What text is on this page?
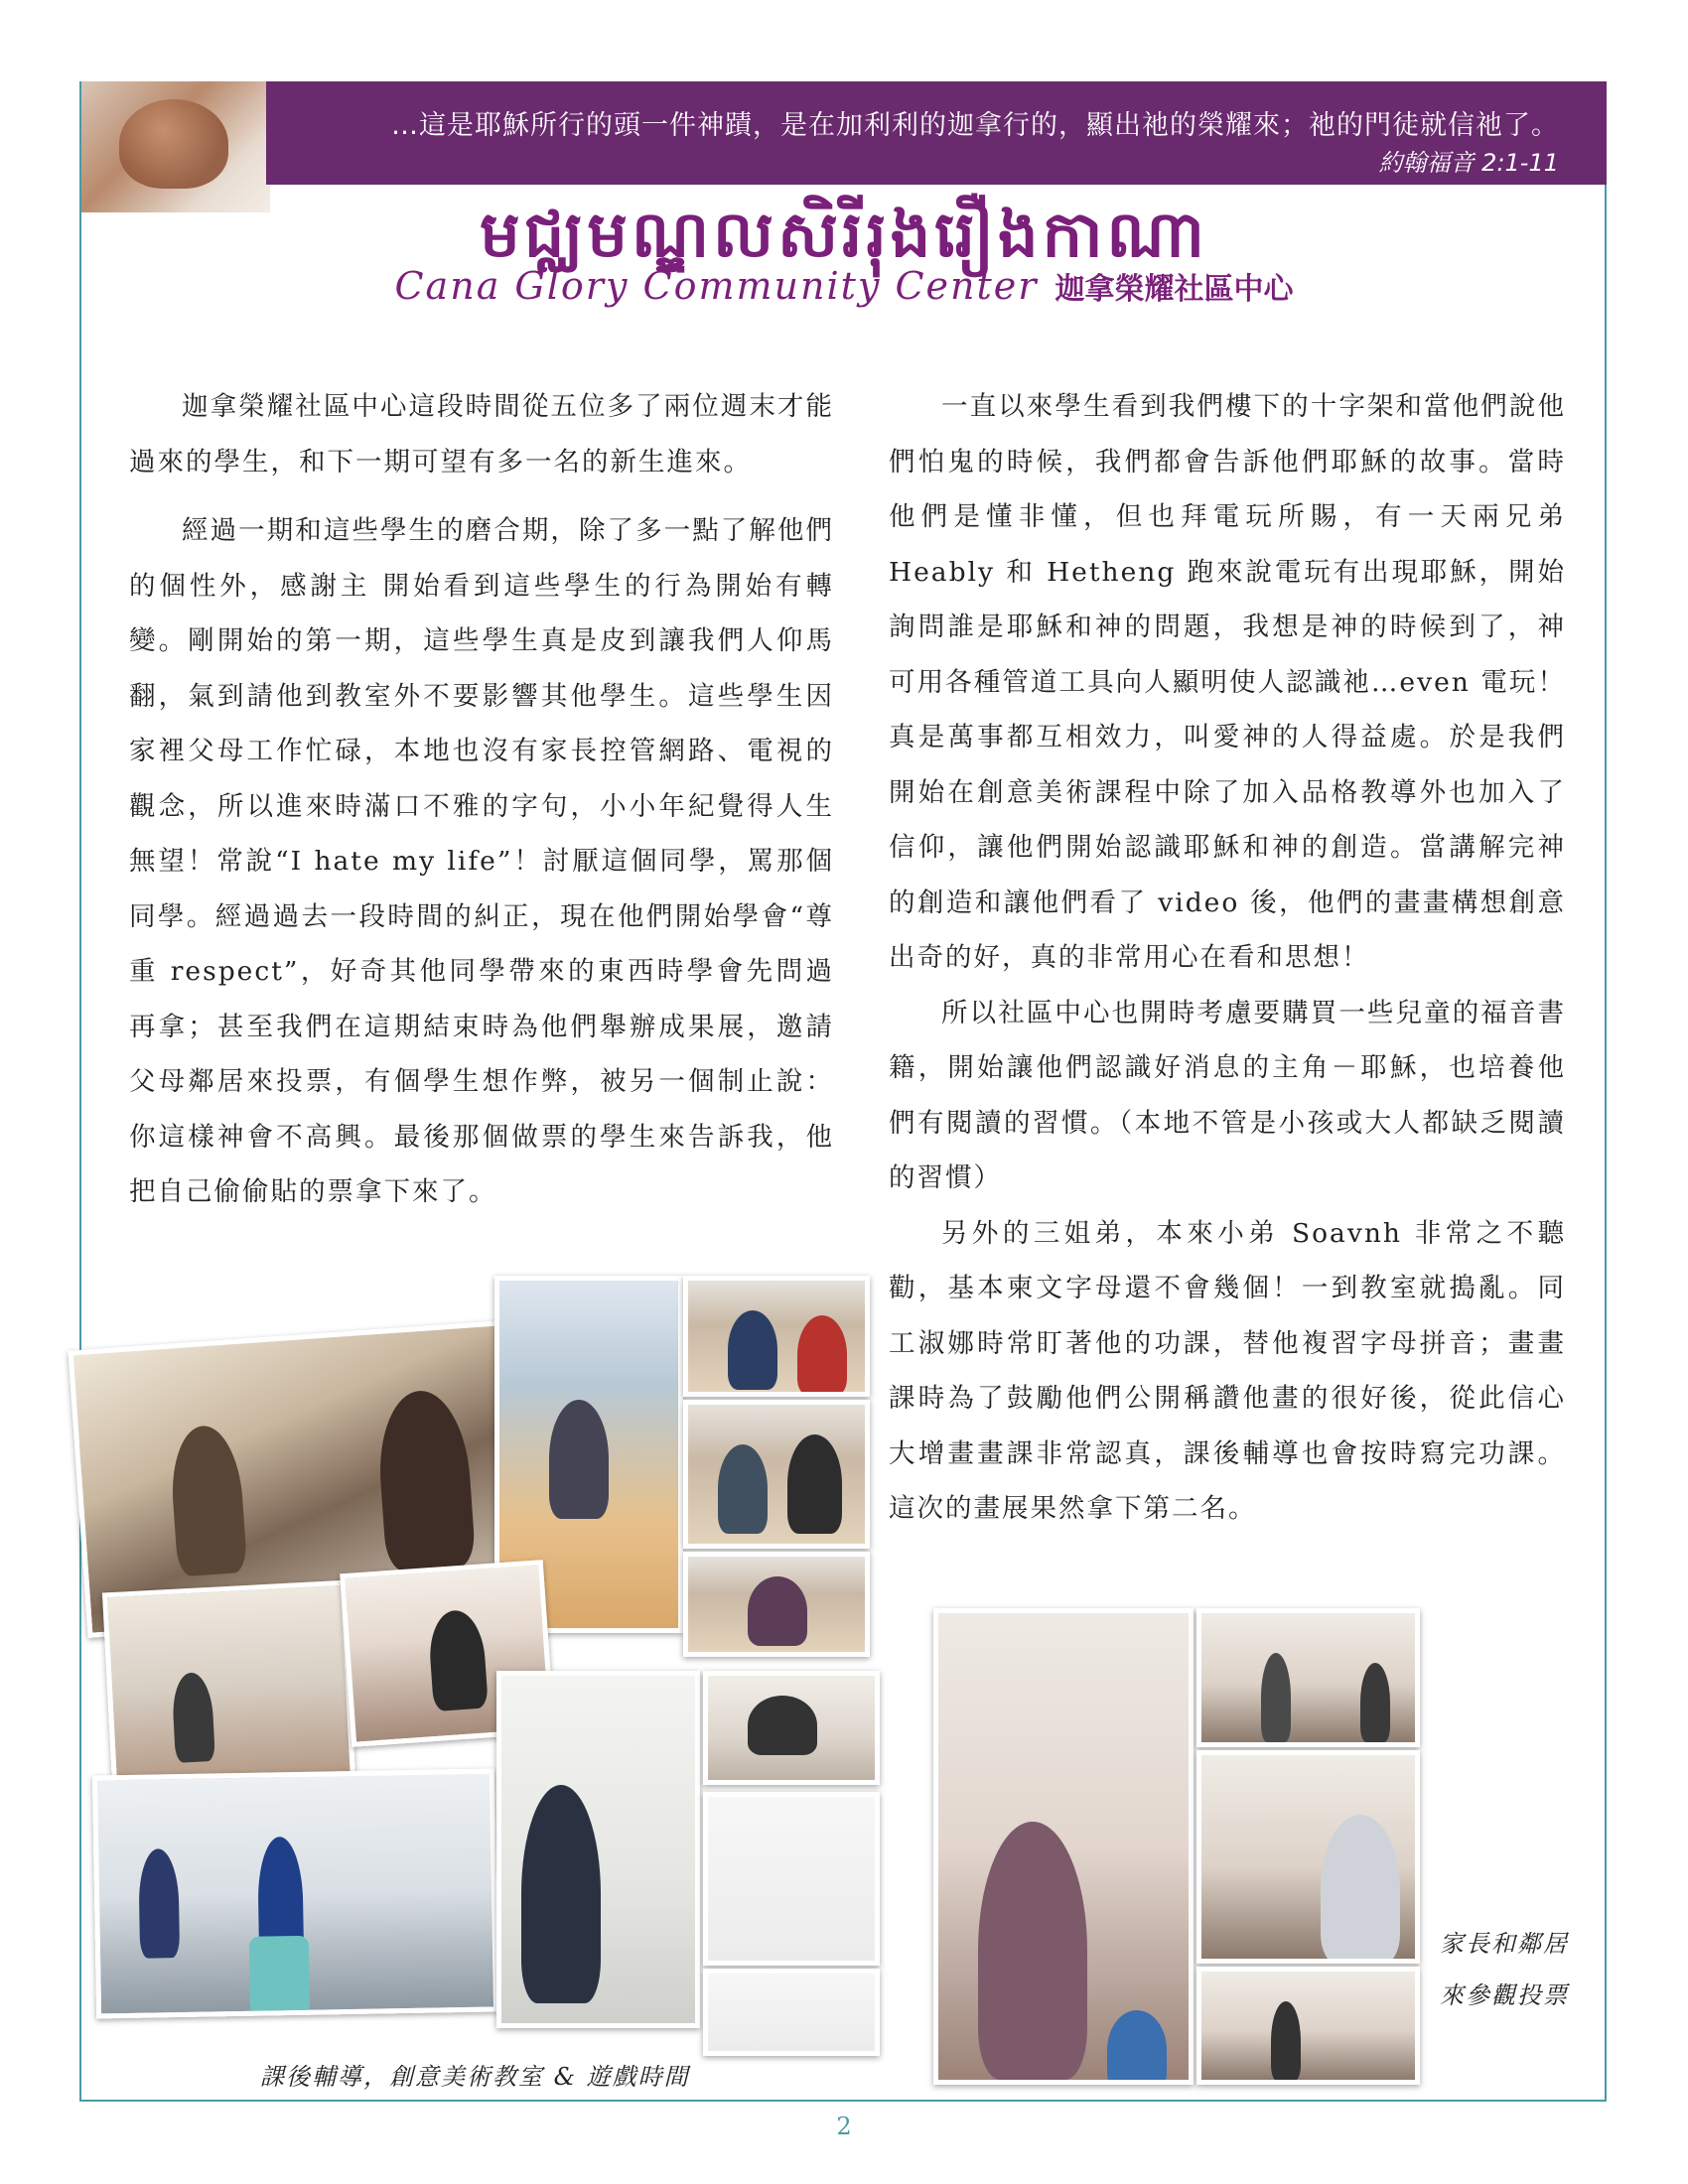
…這是耶穌所行的頭一件神蹟，是在加利利的迦拿行的，顯出祂的榮耀來；祂的門徒就信祂了。
約翰福音 2:1-11
មជ្ឈមណ្ឌលសិរីរុងរឿងកាណា
Cana Glory Community Center 迦拿榮耀社區中心

迦拿榮耀社區中心這段時間從五位多了兩位週末才能過來的學生，和下一期可望有多一名的新生進來。

經過一期和這些學生的磨合期，除了多一點了解他們的個性外，感謝主 開始看到這些學生的行為開始有轉變。剛開始的第一期，這些學生真是皮到讓我們人仰馬翻，氣到請他到教室外不要影響其他學生。這些學生因家裡父母工作忙碌，本地也沒有家長控管網路、電視的觀念，所以進來時滿口不雅的字句，小小年紀覺得人生無望！常說“I hate my life”！討厭這個同學，罵那個同學。經過過去一段時間的糾正，現在他們開始學會“尊重 respect”，好奇其他同學帶來的東西時學會先問過再拿；甚至我們在這期結束時為他們舉辦成果展，邀請父母鄰居來投票，有個學生想作弊，被另一個制止說：你這樣神會不高興。最後那個做票的學生來告訴我，他把自己偷偷貼的票拿下來了。

一直以來學生看到我們樓下的十字架和當他們說他們怕鬼的時候，我們都會告訴他們耶穌的故事。當時他們是懂非懂，但也拜電玩所賜，有一天兩兄弟 Heably 和 Hetheng 跑來說電玩有出現耶穌，開始詢問誰是耶穌和神的問題，我想是神的時候到了，神可用各種管道工具向人顯明使人認識祂…even 電玩！真是萬事都互相效力，叫愛神的人得益處。於是我們開始在創意美術課程中除了加入品格教導外也加入了信仰，讓他們開始認識耶穌和神的創造。當講解完神的創造和讓他們看了 video 後，他們的畫畫構想創意出奇的好，真的非常用心在看和思想！

所以社區中心也開時考慮要購買一些兒童的福音書籍，開始讓他們認識好消息的主角－耶穌，也培養他們有閱讀的習慣。（本地不管是小孩或大人都缺乏閱讀的習慣）

另外的三姐弟，本來小弟 Soavnh 非常之不聽勸，基本柬文字母還不會幾個！一到教室就搗亂。同工淑娜時常盯著他的功課，替他複習字母拼音；畫畫課時為了鼓勵他們公開稱讚他畫的很好後，從此信心大增畫畫課非常認真，課後輔導也會按時寫完功課。這次的畫展果然拿下第二名。

課後輔導，創意美術教室 & 遊戲時間
家長和鄰居
來參觀投票
2
